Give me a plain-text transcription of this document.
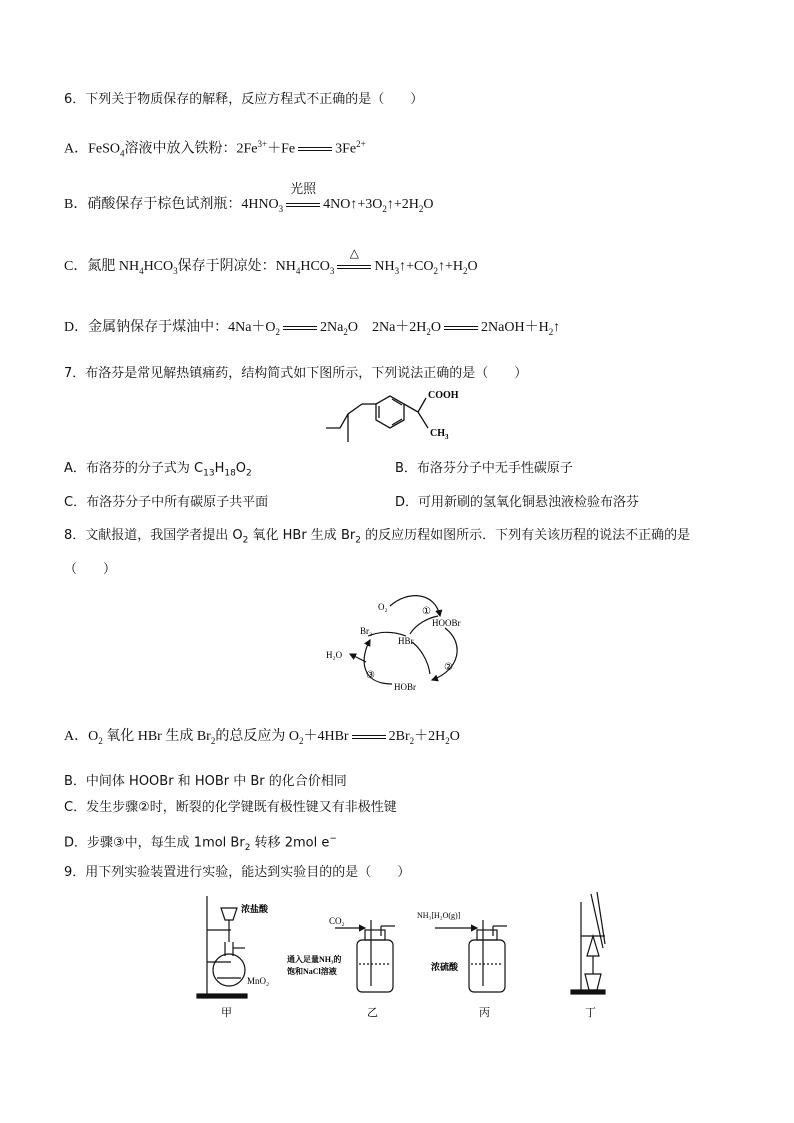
6．下列关于物质保存的解释，反应方程式不正确的是（　　）
A．FeSO$_4$溶液中放入铁粉：$2Fe^{3+}+Fe$	$3Fe^{2+}$
B．硝酸保存于棕色试剂瓶：$4HNO_3$
光照
$4NO↑+3O_2↑+2H_2O$
C．氮肥 $NH_4HCO_3$保存于阴凉处：$NH_4HCO_3$
△
$NH_3↑+CO_2↑+H_2O$
D．金属钠保存于煤油中：$4Na+O_2$	$2Na_2O$　$2Na+2H_2O$	$2NaOH+H_2↑$
7．布洛芬是常见解热镇痛药，结构简式如下图所示，下列说法正确的是（　　）
COOH
$CH_3$
A．布洛芬的分子式为 $C_{13}H_{18}O_2$	B．布洛芬分子中无手性碳原子
C．布洛芬分子中所有碳原子共平面	D．可用新刷的氢氧化铜悬浊液检验布洛芬
8．文献报道，我国学者提出 $O_2$ 氧化 HBr 生成 $Br_2$ 的反应历程如图所示．下列有关该历程的说法不正确的是
（　　）
O₂	①
HOOBr
Br₂
HBr
②
H₂O
③
HOBr
A．$O_2$ 氧化 HBr 生成 $Br_2$的总反应为 $O_2+4HBr$	$2Br_2+2H_2O$
B．中间体 HOOBr 和 HOBr 中 Br 的化合价相同
C．发生步骤②时，断裂的化学键既有极性键又有非极性键
D．步骤③中，每生成 1mol $Br_2$ 转移 2mol e−
9．用下列实验装置进行实验，能达到实验目的的是（　　）
浓盐酸
MnO₂
甲
CO₂
通入足量NH₃的
饱和NaCl溶液
乙
NH₃[H₂O(g)]
浓硫酸
丙	丁
